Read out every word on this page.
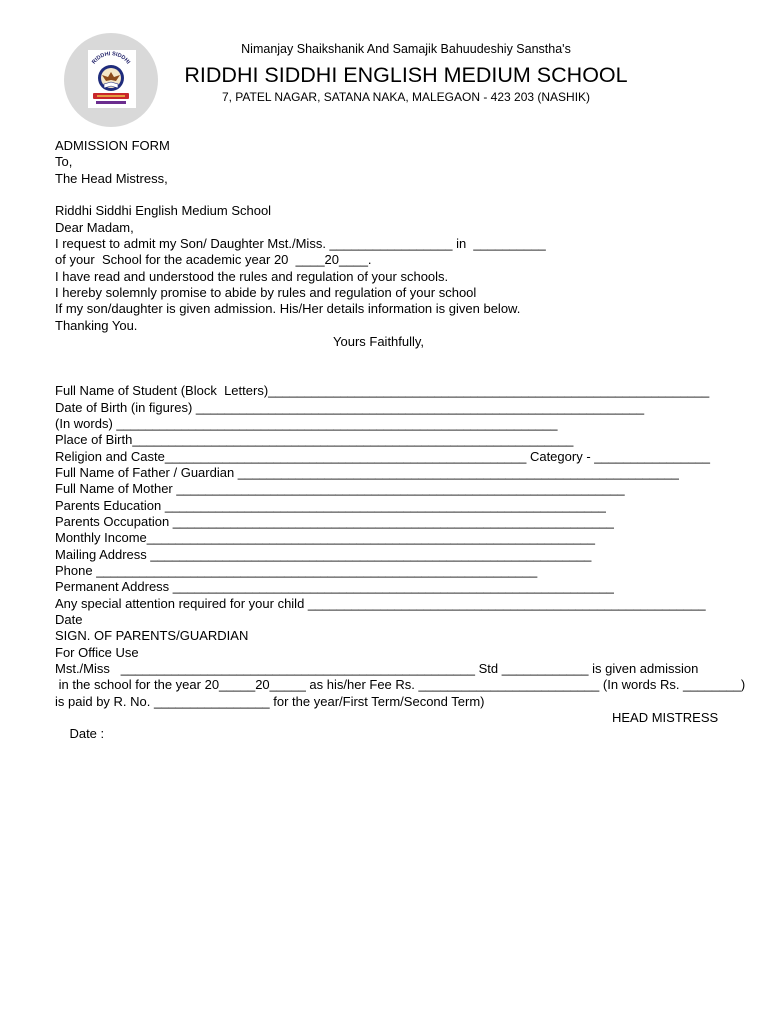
RIDDHI SIDDHI
Nimanjay Shaikshanik And Samajik Bahuudeshiy Sanstha's
RIDDHI SIDDHI ENGLISH MEDIUM SCHOOL
7, PATEL NAGAR, SATANA NAKA, MALEGAON - 423 203 (NASHIK)
ADMISSION FORM
To,
The Head Mistress,
Riddhi Siddhi English Medium School
Dear Madam,
I request to admit my Son/ Daughter Mst./Miss. _________________ in  __________
of your  School for the academic year 20  ____20____.
I have read and understood the rules and regulation of your schools.
I hereby solemnly promise to abide by rules and regulation of your school
If my son/daughter is given admission. His/Her details information is given below.
Thanking You.
Yours Faithfully,
Full Name of Student (Block  Letters)_____________________________________________________________
Date of Birth (in figures) ______________________________________________________________
(In words) _____________________________________________________________
Place of Birth_____________________________________________________________
Religion and Caste__________________________________________________ Category - ________________
Full Name of Father / Guardian _____________________________________________________________
Full Name of Mother ______________________________________________________________
Parents Education _____________________________________________________________
Parents Occupation _____________________________________________________________
Monthly Income______________________________________________________________
Mailing Address _____________________________________________________________
Phone _____________________________________________________________
Permanent Address _____________________________________________________________
Any special attention required for your child _______________________________________________________
Date
SIGN. OF PARENTS/GUARDIAN
For Office Use
Mst./Miss   _________________________________________________ Std ____________ is given admission
in the school for the year 20_____20_____ as his/her Fee Rs. _________________________ (In words Rs. ________)
is paid by R. No. ________________ for the year/First Term/Second Term)

Date :

HEAD MISTRESS
